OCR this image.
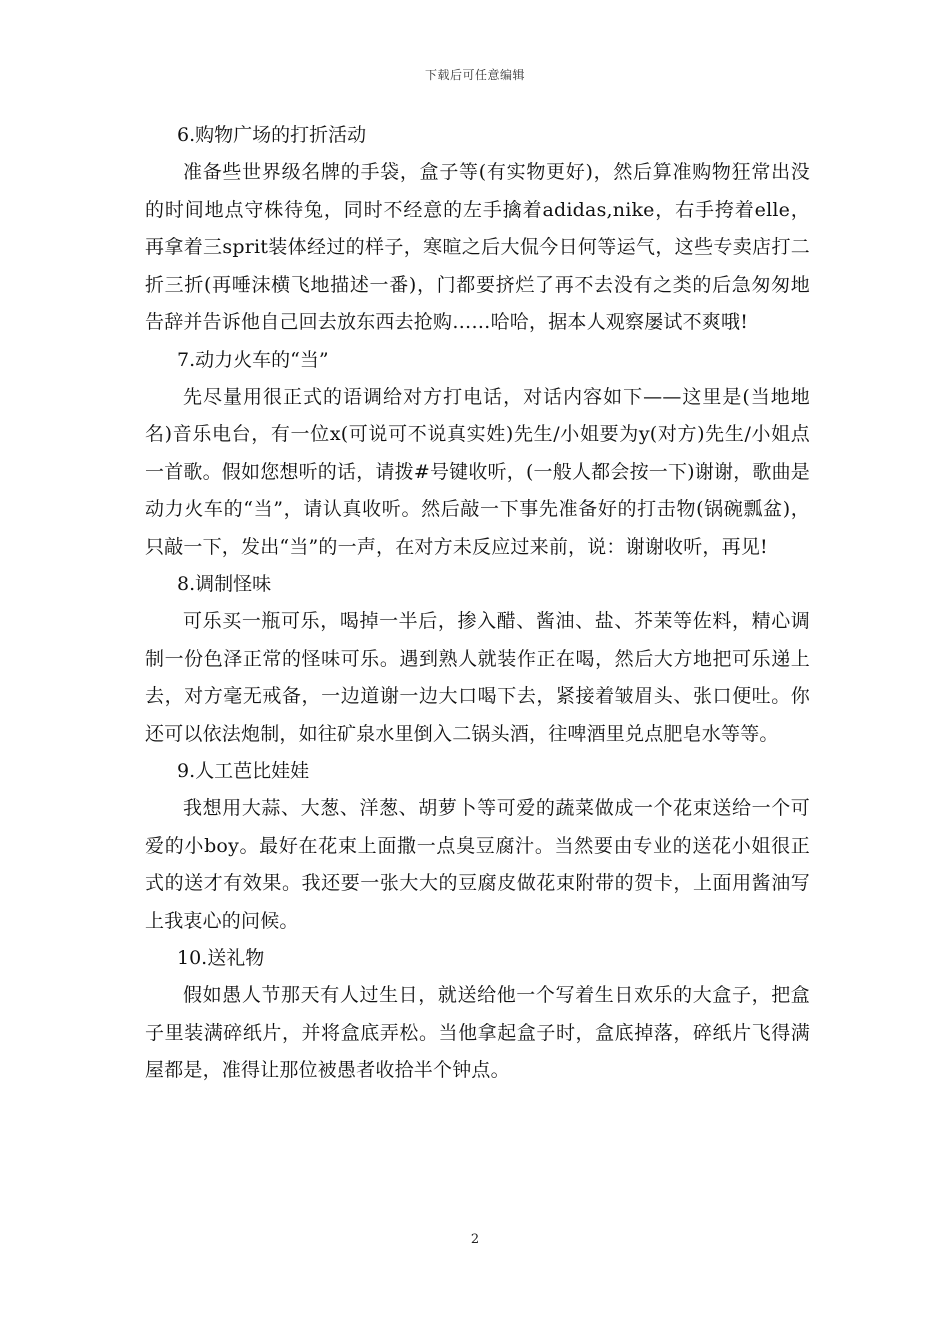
下载后可任意编辑
6.购物广场的打折活动

准备些世界级名牌的手袋，盒子等(有实物更好)，然后算准购物狂常出没的时间地点守株待兔，同时不经意的左手擒着adidas,nike，右手挎着elle，再拿着三sprit装体经过的样子，寒暄之后大侃今日何等运气，这些专卖店打二折三折(再唾沫横飞地描述一番)，门都要挤烂了再不去没有之类的后急匆匆地告辞并告诉他自己回去放东西去抢购……哈哈，据本人观察屡试不爽哦!

7.动力火车的“当”

先尽量用很正式的语调给对方打电话，对话内容如下——这里是(当地地名)音乐电台，有一位x(可说可不说真实姓)先生/小姐要为y(对方)先生/小姐点一首歌。假如您想听的话，请拨#号键收听，(一般人都会按一下)谢谢，歌曲是动力火车的“当”，请认真收听。然后敲一下事先准备好的打击物(锅碗瓢盆)，只敲一下，发出“当”的一声，在对方未反应过来前，说：谢谢收听，再见!

8.调制怪味

可乐买一瓶可乐，喝掉一半后，掺入醋、酱油、盐、芥茉等佐料，精心调制一份色泽正常的怪味可乐。遇到熟人就装作正在喝，然后大方地把可乐递上去，对方毫无戒备，一边道谢一边大口喝下去，紧接着皱眉头、张口便吐。你还可以依法炮制，如往矿泉水里倒入二锅头酒，往啤酒里兑点肥皂水等等。

9.人工芭比娃娃

我想用大蒜、大葱、洋葱、胡萝卜等可爱的蔬菜做成一个花束送给一个可爱的小boy。最好在花束上面撒一点臭豆腐汁。当然要由专业的送花小姐很正式的送才有效果。我还要一张大大的豆腐皮做花束附带的贺卡，上面用酱油写上我衷心的问候。

10.送礼物

假如愚人节那天有人过生日，就送给他一个写着生日欢乐的大盒子，把盒子里装满碎纸片，并将盒底弄松。当他拿起盒子时，盒底掉落，碎纸片飞得满屋都是，准得让那位被愚者收拾半个钟点。

2
